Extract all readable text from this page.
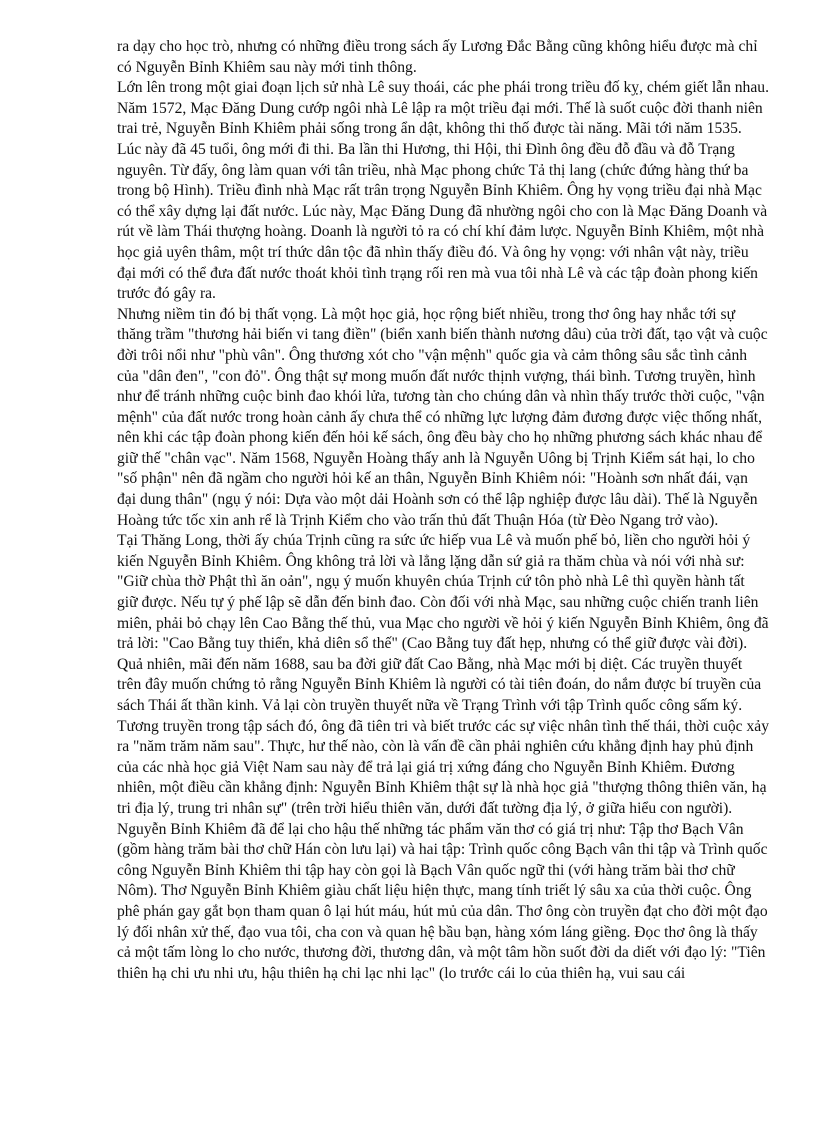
ra dạy cho học trò, nhưng có những điều trong sách ấy Lương Đắc Bằng cũng không hiểu được mà chỉ có Nguyễn Bỉnh Khiêm sau này mới tinh thông.

Lớn lên trong một giai đoạn lịch sử nhà Lê suy thoái, các phe phái trong triều đố kỵ, chém giết lẫn nhau. Năm 1572, Mạc Đăng Dung cướp ngôi nhà Lê lập ra một triều đại mới. Thế là suốt cuộc đời thanh niên trai trẻ, Nguyễn Bỉnh Khiêm phải sống trong ẩn dật, không thi thố được tài năng. Mãi tới năm 1535. Lúc này đã 45 tuổi, ông mới đi thi. Ba lần thi Hương, thi Hội, thi Đình ông đều đỗ đầu và đỗ Trạng nguyên. Từ đấy, ông làm quan với tân triều, nhà Mạc phong chức Tả thị lang (chức đứng hàng thứ ba trong bộ Hình). Triều đình nhà Mạc rất trân trọng Nguyễn Bỉnh Khiêm. Ông hy vọng triều đại nhà Mạc có thể xây dựng lại đất nước. Lúc này, Mạc Đăng Dung đã nhường ngôi cho con là Mạc Đăng Doanh và rút về làm Thái thượng hoàng. Doanh là người tỏ ra có chí khí đảm lược. Nguyễn Bỉnh Khiêm, một nhà học giả uyên thâm, một trí thức dân tộc đã nhìn thấy điều đó. Và ông hy vọng: với nhân vật này, triều đại mới có thể đưa đất nước thoát khỏi tình trạng rối ren mà vua tôi nhà Lê và các tập đoàn phong kiến trước đó gây ra.

Nhưng niềm tin đó bị thất vọng. Là một học giả, học rộng biết nhiều, trong thơ ông hay nhắc tới sự thăng trầm "thương hải biến vi tang điền" (biển xanh biến thành nương dâu) của trời đất, tạo vật và cuộc đời trôi nổi như "phù vân". Ông thương xót cho "vận mệnh" quốc gia và cảm thông sâu sắc tình cảnh của "dân đen", "con đỏ". Ông thật sự mong muốn đất nước thịnh vượng, thái bình. Tương truyền, hình như để tránh những cuộc binh đao khói lửa, tương tàn cho chúng dân và nhìn thấy trước thời cuộc, "vận mệnh" của đất nước trong hoàn cảnh ấy chưa thể có những lực lượng đảm đương được việc thống nhất, nên khi các tập đoàn phong kiến đến hỏi kế sách, ông đều bày cho họ những phương sách khác nhau để giữ thế "chân vạc". Năm 1568, Nguyễn Hoàng thấy anh là Nguyễn Uông bị Trịnh Kiểm sát hại, lo cho "số phận" nên đã ngầm cho người hỏi kế an thân, Nguyễn Bỉnh Khiêm nói: "Hoành sơn nhất đái, vạn đại dung thân" (ngụ ý nói: Dựa vào một dải Hoành sơn có thể lập nghiệp được lâu dài). Thế là Nguyễn Hoàng tức tốc xin anh rể là Trịnh Kiểm cho vào trấn thủ đất Thuận Hóa (từ Đèo Ngang trở vào).

Tại Thăng Long, thời ấy chúa Trịnh cũng ra sức ức hiếp vua Lê và muốn phế bỏ, liền cho người hỏi ý kiến Nguyễn Bỉnh Khiêm. Ông không trả lời và lẳng lặng dẫn sứ giả ra thăm chùa và nói với nhà sư: "Giữ chùa thờ Phật thì ăn oản", ngụ ý muốn khuyên chúa Trịnh cứ tôn phò nhà Lê thì quyền hành tất giữ được. Nếu tự ý phế lập sẽ dẫn đến binh đao. Còn đối với nhà Mạc, sau những cuộc chiến tranh liên miên, phải bỏ chạy lên Cao Bằng thế thủ, vua Mạc cho người về hỏi ý kiến Nguyễn Bỉnh Khiêm, ông đã trả lời: "Cao Bằng tuy thiển, khả diên sổ thế" (Cao Bằng tuy đất hẹp, nhưng có thể giữ được vài đời). Quả nhiên, mãi đến năm 1688, sau ba đời giữ đất Cao Bằng, nhà Mạc mới bị diệt. Các truyền thuyết trên đây muốn chứng tỏ rằng Nguyễn Bỉnh Khiêm là người có tài tiên đoán, do nắm được bí truyền của sách Thái ất thần kinh. Vả lại còn truyền thuyết nữa về Trạng Trình với tập Trình quốc công sấm ký. Tương truyền trong tập sách đó, ông đã tiên tri và biết trước các sự việc nhân tình thế thái, thời cuộc xảy ra "năm trăm năm sau". Thực, hư thế nào, còn là vấn đề cần phải nghiên cứu khẳng định hay phủ định của các nhà học giả Việt Nam sau này để trả lại giá trị xứng đáng cho Nguyễn Bỉnh Khiêm. Đương nhiên, một điều cần khẳng định: Nguyễn Bỉnh Khiêm thật sự là nhà học giả "thượng thông thiên văn, hạ tri địa lý, trung tri nhân sự" (trên trời hiểu thiên văn, dưới đất tường địa lý, ở giữa hiểu con người).

Nguyễn Bỉnh Khiêm đã để lại cho hậu thế những tác phẩm văn thơ có giá trị như: Tập thơ Bạch Vân (gồm hàng trăm bài thơ chữ Hán còn lưu lại) và hai tập: Trình quốc công Bạch vân thi tập và Trình quốc công Nguyễn Bỉnh Khiêm thi tập hay còn gọi là Bạch Vân quốc ngữ thi (với hàng trăm bài thơ chữ Nôm). Thơ Nguyễn Bỉnh Khiêm giàu chất liệu hiện thực, mang tính triết lý sâu xa của thời cuộc. Ông phê phán gay gắt bọn tham quan ô lại hút máu, hút mủ của dân. Thơ ông còn truyền đạt cho đời một đạo lý đối nhân xử thế, đạo vua tôi, cha con và quan hệ bầu bạn, hàng xóm láng giềng. Đọc thơ ông là thấy cả một tấm lòng lo cho nước, thương đời, thương dân, và một tâm hồn suốt đời da diết với đạo lý: "Tiên thiên hạ chi ưu nhi ưu, hậu thiên hạ chi lạc nhi lạc" (lo trước cái lo của thiên hạ, vui sau cái
